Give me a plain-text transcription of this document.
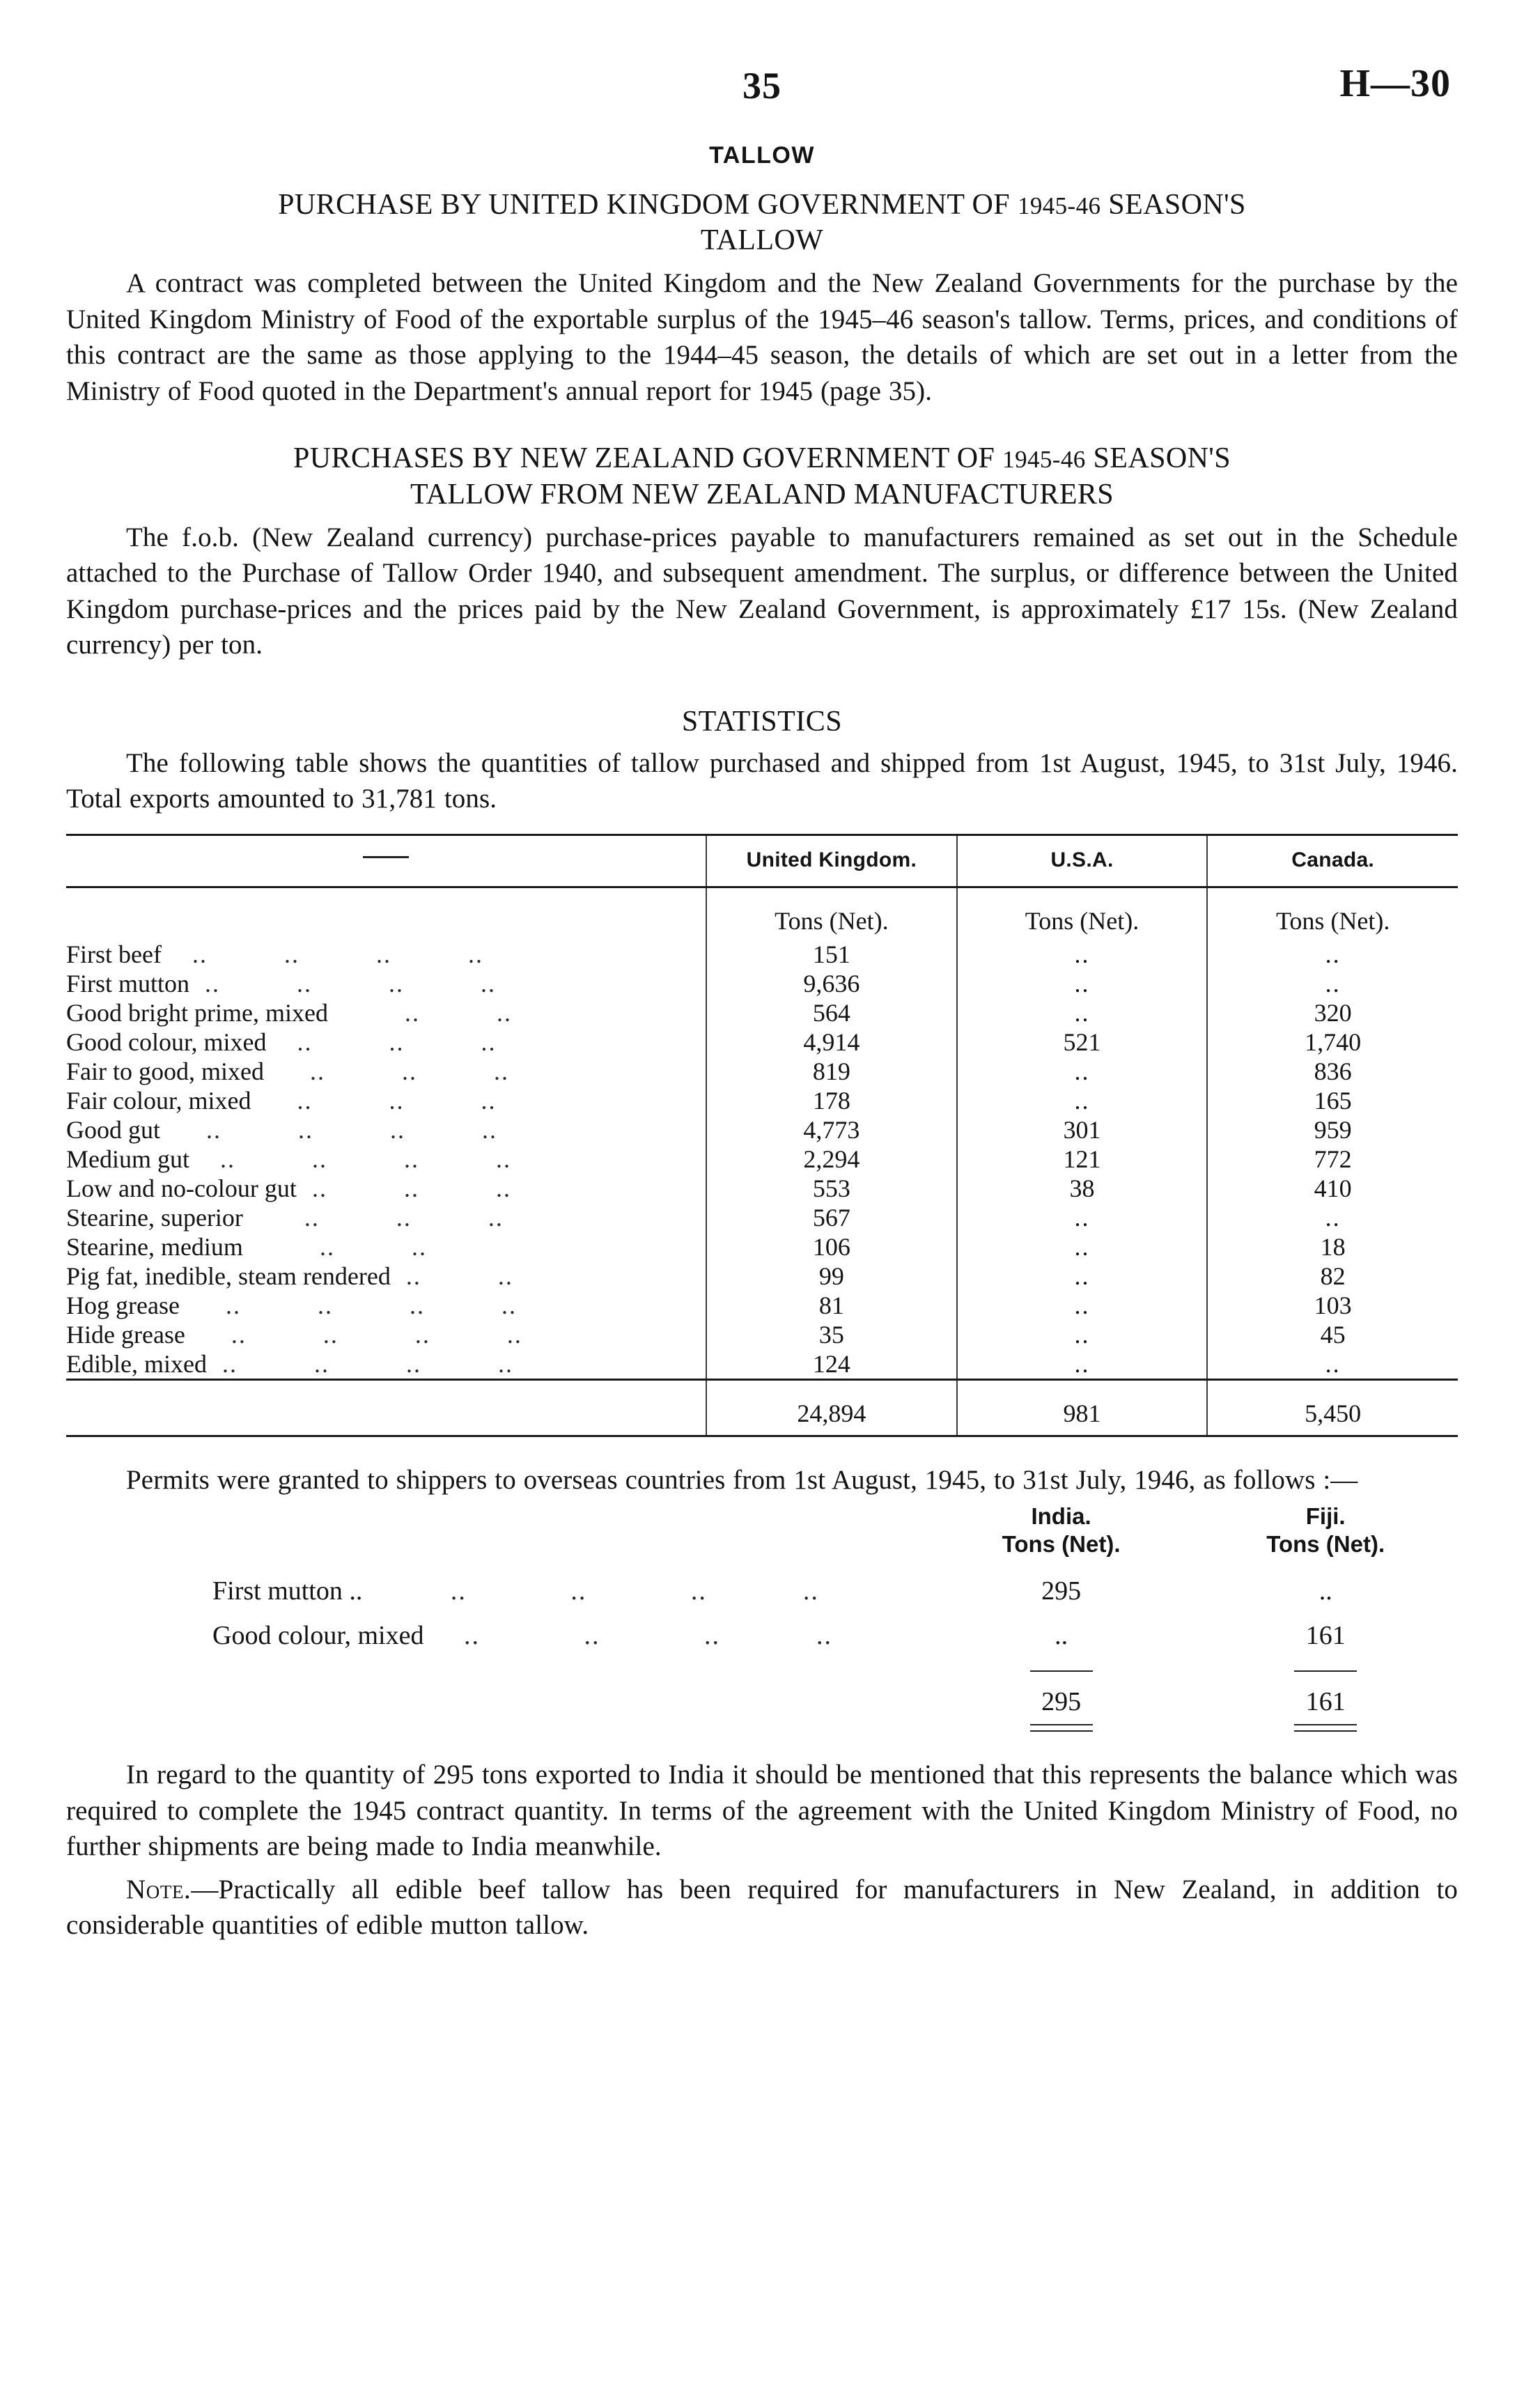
35	H—30
TALLOW
PURCHASE BY UNITED KINGDOM GOVERNMENT OF 1945-46 SEASON'S
TALLOW

A contract was completed between the United Kingdom and the New Zealand Governments for the purchase by the United Kingdom Ministry of Food of the exportable surplus of the 1945–46 season's tallow. Terms, prices, and conditions of this contract are the same as those applying to the 1944–45 season, the details of which are set out in a letter from the Ministry of Food quoted in the Department's annual report for 1945 (page 35).

PURCHASES BY NEW ZEALAND GOVERNMENT OF 1945-46 SEASON'S
TALLOW FROM NEW ZEALAND MANUFACTURERS

The f.o.b. (New Zealand currency) purchase-prices payable to manufacturers remained as set out in the Schedule attached to the Purchase of Tallow Order 1940, and subsequent amendment. The surplus, or difference between the United Kingdom purchase-prices and the prices paid by the New Zealand Government, is approximately £17 15s. (New Zealand currency) per ton.

STATISTICS

The following table shows the quantities of tallow purchased and shipped from 1st August, 1945, to 31st July, 1946. Total exports amounted to 31,781 tons.

	United Kingdom.	U.S.A.	Canada.

	Tons (Net).	Tons (Net).	Tons (Net).
First beef    ..          ..          ..          ..	151	..	..
First mutton  ..          ..          ..          ..	9,636	..	..
Good bright prime, mixed          ..          ..	564	..	320
Good colour, mixed    ..          ..          ..	4,914	521	1,740
Fair to good, mixed      ..          ..          ..	819	..	836
Fair colour, mixed      ..          ..          ..	178	..	165
Good gut      ..          ..          ..          ..	4,773	301	959
Medium gut    ..          ..          ..          ..	2,294	121	772
Low and no-colour gut  ..          ..          ..	553	38	410
Stearine, superior        ..          ..          ..	567	..	..
Stearine, medium          ..          ..	106	..	18
Pig fat, inedible, steam rendered  ..          ..	99	..	82
Hog grease      ..          ..          ..          ..	81	..	103
Hide grease      ..          ..          ..          ..	35	..	45
Edible, mixed  ..          ..          ..          ..	124	..	..

	24,894	981	5,450

Permits were granted to shippers to overseas countries from 1st August, 1945, to 31st July, 1946, as follows :—

	India.	Fiji.
	Tons (Net).	Tons (Net).
First mutton ..           ..             ..             ..            ..	295	..
Good colour, mixed     ..             ..             ..            ..	..	161

	295	161

In regard to the quantity of 295 tons exported to India it should be mentioned that this represents the balance which was required to complete the 1945 contract quantity. In terms of the agreement with the United Kingdom Ministry of Food, no further shipments are being made to India meanwhile.

Note.—Practically all edible beef tallow has been required for manufacturers in New Zealand, in addition to considerable quantities of edible mutton tallow.
